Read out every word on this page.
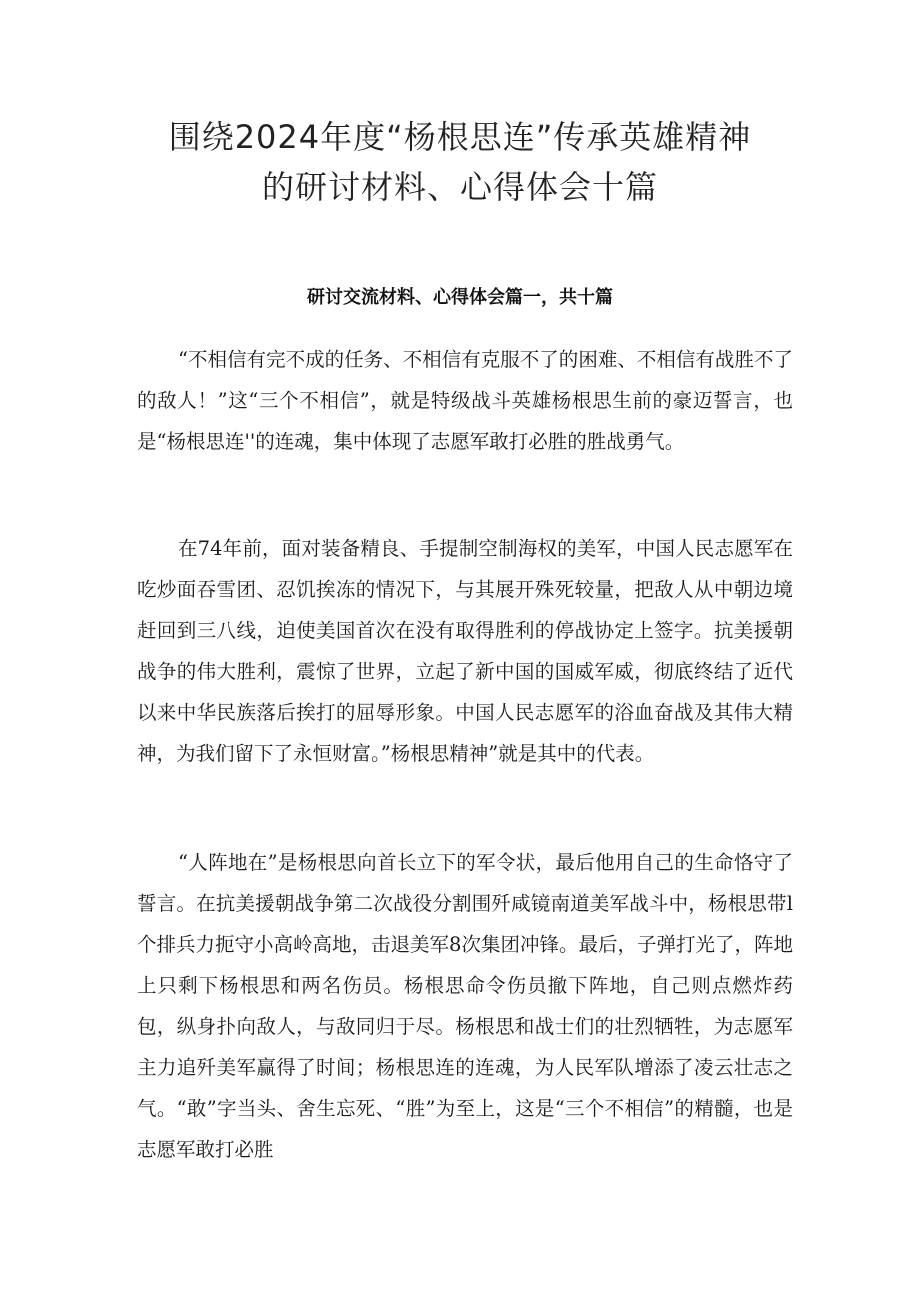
围绕2024年度“杨根思连”传承英雄精神
的研讨材料、心得体会十篇
研讨交流材料、心得体会篇一，共十篇

“不相信有完不成的任务、不相信有克服不了的困难、不相信有战胜不了的敌人！”这“三个不相信”，就是特级战斗英雄杨根思生前的豪迈誓言，也是“杨根思连''的连魂，集中体现了志愿军敢打必胜的胜战勇气。

在74年前，面对装备精良、手提制空制海权的美军，中国人民志愿军在吃炒面吞雪团、忍饥挨冻的情况下，与其展开殊死较量，把敌人从中朝边境赶回到三八线，迫使美国首次在没有取得胜利的停战协定上签字。抗美援朝战争的伟大胜利，震惊了世界，立起了新中国的国威军威，彻底终结了近代以来中华民族落后挨打的屈辱形象。中国人民志愿军的浴血奋战及其伟大精神，为我们留下了永恒财富。”杨根思精神”就是其中的代表。

“人阵地在”是杨根思向首长立下的军令状，最后他用自己的生命恪守了誓言。在抗美援朝战争第二次战役分割围歼咸镜南道美军战斗中，杨根思带l个排兵力扼守小高岭高地，击退美军8次集团冲锋。最后，子弹打光了，阵地上只剩下杨根思和两名伤员。杨根思命令伤员撤下阵地，自己则点燃炸药包，纵身扑向敌人，与敌同归于尽。杨根思和战士们的壮烈牺牲，为志愿军主力追歼美军赢得了时间；杨根思连的连魂，为人民军队增添了凌云壮志之气。“敢”字当头、舍生忘死、“胜”为至上，这是“三个不相信”的精髓，也是志愿军敢打必胜
